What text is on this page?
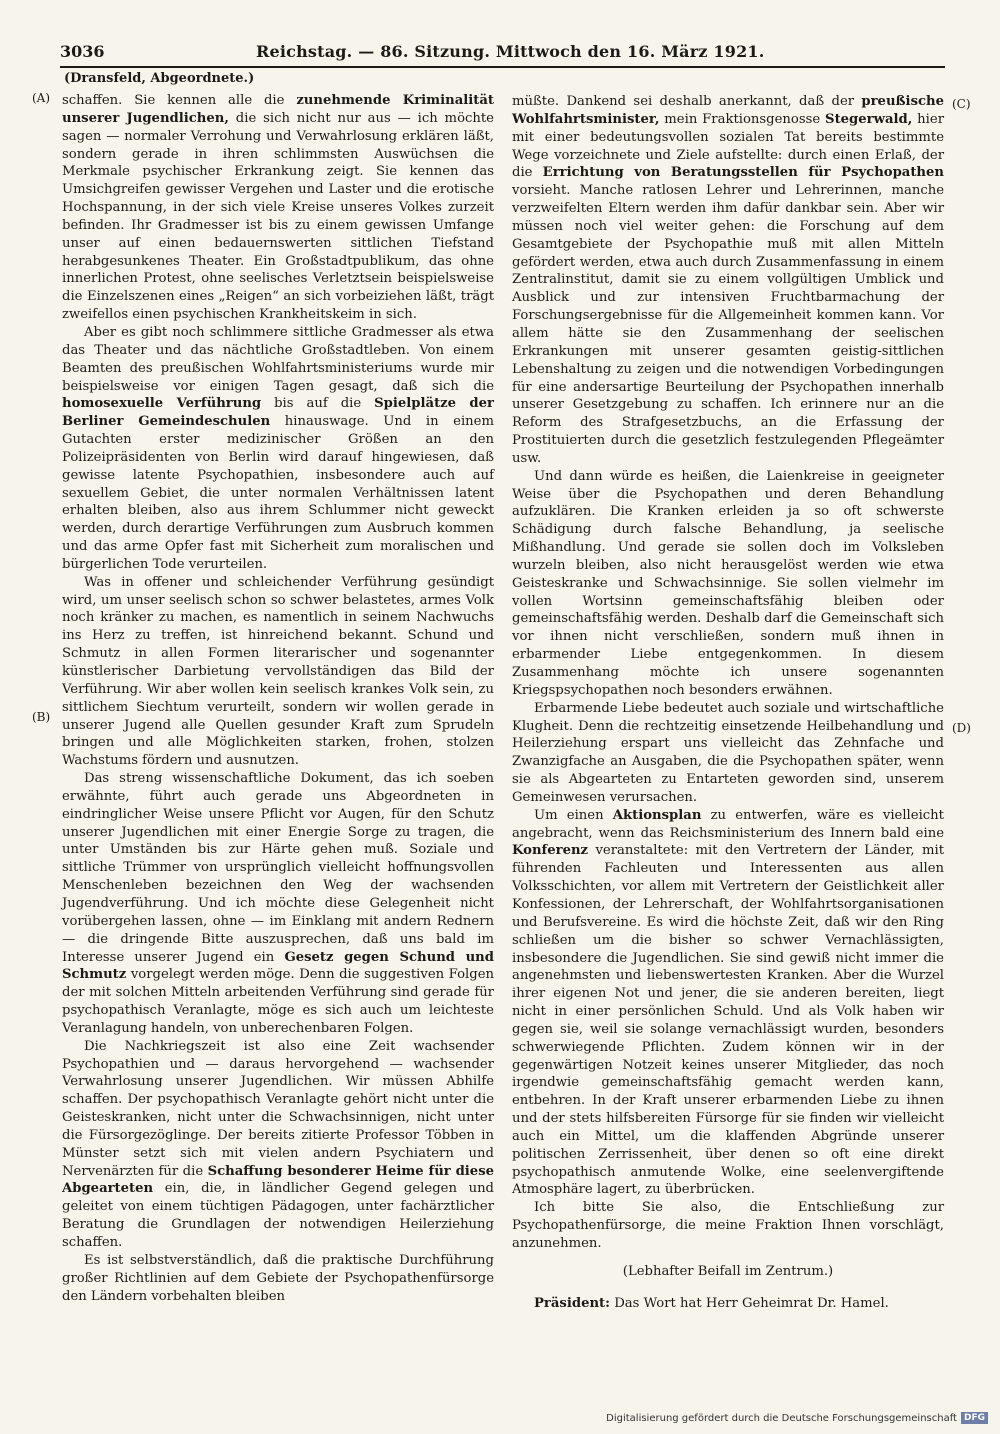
3036	Reichstag. — 86. Sitzung. Mittwoch den 16. März 1921.
(Dransfeld, Abgeordnete.)
(A)
(B)
(C)
(D)

schaffen. Sie kennen alle die zunehmende Kriminalität unserer Jugendlichen, die sich nicht nur aus — ich möchte sagen — normaler Verrohung und Verwahrlosung erklären läßt, sondern gerade in ihren schlimmsten Auswüchsen die Merkmale psychischer Erkrankung zeigt. Sie kennen das Umsichgreifen gewisser Vergehen und Laster und die erotische Hochspannung, in der sich viele Kreise unseres Volkes zurzeit befinden. Ihr Gradmesser ist bis zu einem gewissen Umfange unser auf einen bedauernswerten sittlichen Tiefstand herabgesunkenes Theater. Ein Großstadtpublikum, das ohne innerlichen Protest, ohne seelisches Verletztsein beispielsweise die Einzelszenen eines „Reigen“ an sich vorbeiziehen läßt, trägt zweifellos einen psychischen Krankheitskeim in sich.

Aber es gibt noch schlimmere sittliche Gradmesser als etwa das Theater und das nächtliche Großstadtleben. Von einem Beamten des preußischen Wohlfahrtsministeriums wurde mir beispielsweise vor einigen Tagen gesagt, daß sich die homosexuelle Verführung bis auf die Spielplätze der Berliner Gemeindeschulen hinauswage. Und in einem Gutachten erster medizinischer Größen an den Polizeipräsidenten von Berlin wird darauf hingewiesen, daß gewisse latente Psychopathien, insbesondere auch auf sexuellem Gebiet, die unter normalen Verhältnissen latent erhalten bleiben, also aus ihrem Schlummer nicht geweckt werden, durch derartige Verführungen zum Ausbruch kommen und das arme Opfer fast mit Sicherheit zum moralischen und bürgerlichen Tode verurteilen.

Was in offener und schleichender Verführung gesündigt wird, um unser seelisch schon so schwer belastetes, armes Volk noch kränker zu machen, es namentlich in seinem Nachwuchs ins Herz zu treffen, ist hinreichend bekannt. Schund und Schmutz in allen Formen literarischer und sogenannter künstlerischer Darbietung vervollständigen das Bild der Verführung. Wir aber wollen kein seelisch krankes Volk sein, zu sittlichem Siechtum verurteilt, sondern wir wollen gerade in unserer Jugend alle Quellen gesunder Kraft zum Sprudeln bringen und alle Möglichkeiten starken, frohen, stolzen Wachstums fördern und ausnutzen.

Das streng wissenschaftliche Dokument, das ich soeben erwähnte, führt auch gerade uns Abgeordneten in eindringlicher Weise unsere Pflicht vor Augen, für den Schutz unserer Jugendlichen mit einer Energie Sorge zu tragen, die unter Umständen bis zur Härte gehen muß. Soziale und sittliche Trümmer von ursprünglich vielleicht hoffnungsvollen Menschenleben bezeichnen den Weg der wachsenden Jugendverführung. Und ich möchte diese Gelegenheit nicht vorübergehen lassen, ohne — im Einklang mit andern Rednern — die dringende Bitte auszusprechen, daß uns bald im Interesse unserer Jugend ein Gesetz gegen Schund und Schmutz vorgelegt werden möge. Denn die suggestiven Folgen der mit solchen Mitteln arbeitenden Verführung sind gerade für psychopathisch Veranlagte, möge es sich auch um leichteste Veranlagung handeln, von unberechenbaren Folgen.

Die Nachkriegszeit ist also eine Zeit wachsender Psychopathien und — daraus hervorgehend — wachsender Verwahrlosung unserer Jugendlichen. Wir müssen Abhilfe schaffen. Der psychopathisch Veranlagte gehört nicht unter die Geisteskranken, nicht unter die Schwachsinnigen, nicht unter die Fürsorgezöglinge. Der bereits zitierte Professor Többen in Münster setzt sich mit vielen andern Psychiatern und Nervenärzten für die Schaffung besonderer Heime für diese Abgearteten ein, die, in ländlicher Gegend gelegen und geleitet von einem tüchtigen Pädagogen, unter fachärztlicher Beratung die Grundlagen der notwendigen Heilerziehung schaffen.

Es ist selbstverständlich, daß die praktische Durchführung großer Richtlinien auf dem Gebiete der Psychopathenfürsorge den Ländern vorbehalten bleiben

müßte. Dankend sei deshalb anerkannt, daß der preußische Wohlfahrtsminister, mein Fraktionsgenosse Stegerwald, hier mit einer bedeutungsvollen sozialen Tat bereits bestimmte Wege vorzeichnete und Ziele aufstellte: durch einen Erlaß, der die Errichtung von Beratungsstellen für Psychopathen vorsieht. Manche ratlosen Lehrer und Lehrerinnen, manche verzweifelten Eltern werden ihm dafür dankbar sein. Aber wir müssen noch viel weiter gehen: die Forschung auf dem Gesamtgebiete der Psychopathie muß mit allen Mitteln gefördert werden, etwa auch durch Zusammenfassung in einem Zentralinstitut, damit sie zu einem vollgültigen Umblick und Ausblick und zur intensiven Fruchtbarmachung der Forschungsergebnisse für die Allgemeinheit kommen kann. Vor allem hätte sie den Zusammenhang der seelischen Erkrankungen mit unserer gesamten geistig-sittlichen Lebenshaltung zu zeigen und die notwendigen Vorbedingungen für eine andersartige Beurteilung der Psychopathen innerhalb unserer Gesetzgebung zu schaffen. Ich erinnere nur an die Reform des Strafgesetzbuchs, an die Erfassung der Prostituierten durch die gesetzlich festzulegenden Pflegeämter usw.

Und dann würde es heißen, die Laienkreise in geeigneter Weise über die Psychopathen und deren Behandlung aufzuklären. Die Kranken erleiden ja so oft schwerste Schädigung durch falsche Behandlung, ja seelische Mißhandlung. Und gerade sie sollen doch im Volksleben wurzeln bleiben, also nicht herausgelöst werden wie etwa Geisteskranke und Schwachsinnige. Sie sollen vielmehr im vollen Wortsinn gemeinschaftsfähig bleiben oder gemeinschaftsfähig werden. Deshalb darf die Gemeinschaft sich vor ihnen nicht verschließen, sondern muß ihnen in erbarmender Liebe entgegenkommen. In diesem Zusammenhang möchte ich unsere sogenannten Kriegspsychopathen noch besonders erwähnen.

Erbarmende Liebe bedeutet auch soziale und wirtschaftliche Klugheit. Denn die rechtzeitig einsetzende Heilbehandlung und Heilerziehung erspart uns vielleicht das Zehnfache und Zwanzigfache an Ausgaben, die die Psychopathen später, wenn sie als Abgearteten zu Entarteten geworden sind, unserem Gemeinwesen verursachen.

Um einen Aktionsplan zu entwerfen, wäre es vielleicht angebracht, wenn das Reichsministerium des Innern bald eine Konferenz veranstaltete: mit den Vertretern der Länder, mit führenden Fachleuten und Interessenten aus allen Volksschichten, vor allem mit Vertretern der Geistlichkeit aller Konfessionen, der Lehrerschaft, der Wohlfahrtsorganisationen und Berufsvereine. Es wird die höchste Zeit, daß wir den Ring schließen um die bisher so schwer Vernachlässigten, insbesondere die Jugendlichen. Sie sind gewiß nicht immer die angenehmsten und liebenswertesten Kranken. Aber die Wurzel ihrer eigenen Not und jener, die sie anderen bereiten, liegt nicht in einer persönlichen Schuld. Und als Volk haben wir gegen sie, weil sie solange vernachlässigt wurden, besonders schwerwiegende Pflichten. Zudem können wir in der gegenwärtigen Notzeit keines unserer Mitglieder, das noch irgendwie gemeinschaftsfähig gemacht werden kann, entbehren. In der Kraft unserer erbarmenden Liebe zu ihnen und der stets hilfsbereiten Fürsorge für sie finden wir vielleicht auch ein Mittel, um die klaffenden Abgründe unserer politischen Zerrissenheit, über denen so oft eine direkt psychopathisch anmutende Wolke, eine seelenvergiftende Atmosphäre lagert, zu überbrücken.

Ich bitte Sie also, die Entschließung zur Psychopathenfürsorge, die meine Fraktion Ihnen vorschlägt, anzunehmen.

(Lebhafter Beifall im Zentrum.)

Präsident: Das Wort hat Herr Geheimrat Dr. Hamel.

Digitalisierung gefördert durch die Deutsche Forschungsgemeinschaft DFG
